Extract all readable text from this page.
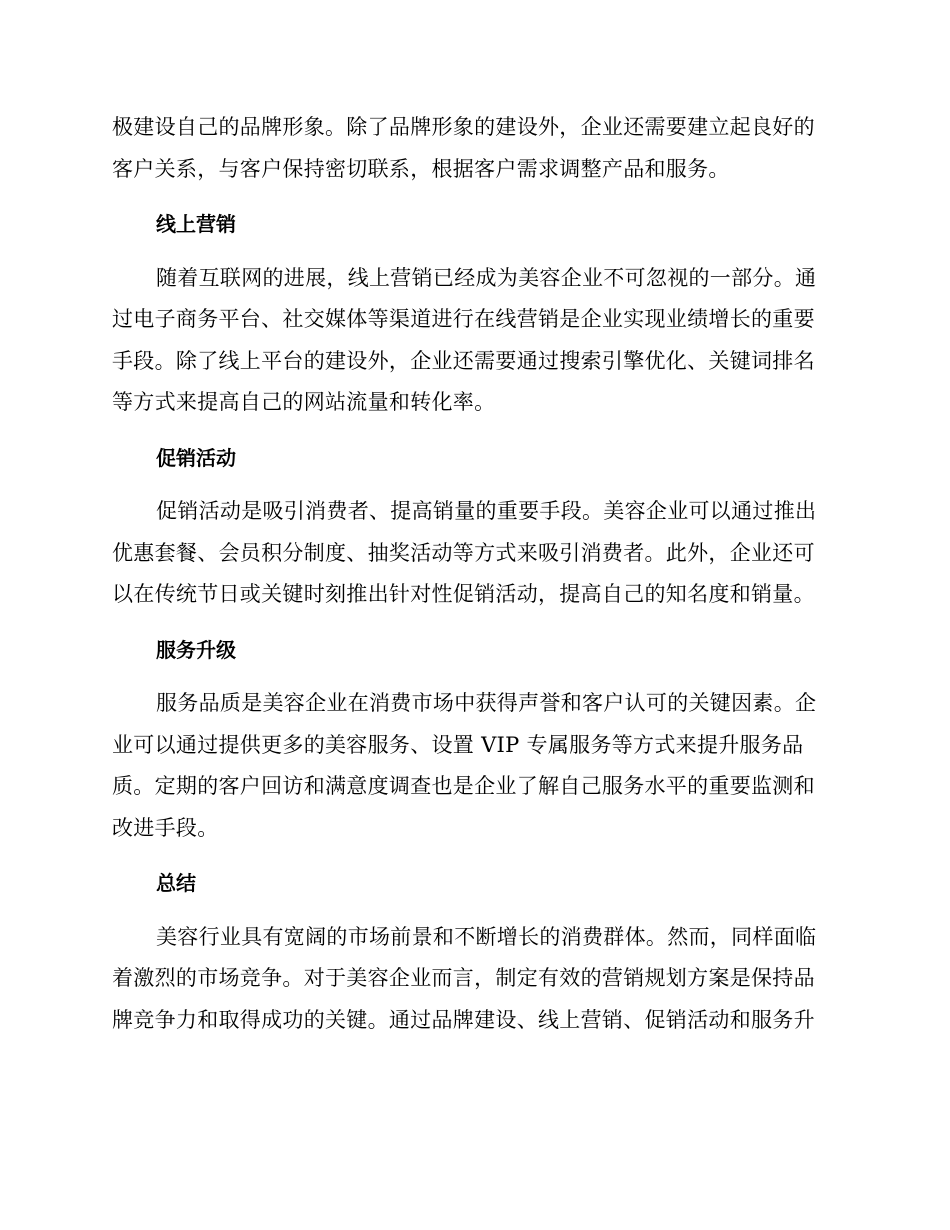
极建设自己的品牌形象。除了品牌形象的建设外，企业还需要建立起良好的
客户关系，与客户保持密切联系，根据客户需求调整产品和服务。
线上营销
随着互联网的进展，线上营销已经成为美容企业不可忽视的一部分。通
过电子商务平台、社交媒体等渠道进行在线营销是企业实现业绩增长的重要
手段。除了线上平台的建设外，企业还需要通过搜索引擎优化、关键词排名
等方式来提高自己的网站流量和转化率。
促销活动
促销活动是吸引消费者、提高销量的重要手段。美容企业可以通过推出
优惠套餐、会员积分制度、抽奖活动等方式来吸引消费者。此外，企业还可
以在传统节日或关键时刻推出针对性促销活动，提高自己的知名度和销量。
服务升级
服务品质是美容企业在消费市场中获得声誉和客户认可的关键因素。企
业可以通过提供更多的美容服务、设置 VIP 专属服务等方式来提升服务品
质。定期的客户回访和满意度调查也是企业了解自己服务水平的重要监测和
改进手段。
总结
美容行业具有宽阔的市场前景和不断增长的消费群体。然而，同样面临
着激烈的市场竞争。对于美容企业而言，制定有效的营销规划方案是保持品
牌竞争力和取得成功的关键。通过品牌建设、线上营销、促销活动和服务升
